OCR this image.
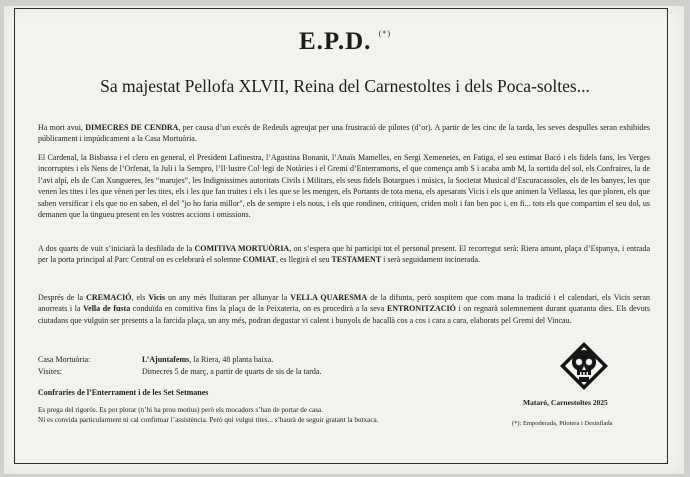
E.P.D. (*)
Sa majestat Pellofa XLVII, Reina del Carnestoltes i dels Poca-soltes...

Ha mort avui, DIMECRES DE CENDRA, per causa d’un excés de Redeuls agreujat per una frustració de pilotes (d’or). A partir de les cinc de la tarda, les seves despulles seran exhibides públicament i impúdicament a la Casa Mortuòria.

El Cardenal, la Bisbassa i el clero en general, el President Lafinestra, l’Agustina Bonanit, l’Anaïs Mamelles, en Sergi Xemeneies, en Fatiga, el seu estimat Bacó i els fidels fans, les Verges incorruptes i els Nens de l’Orfenat, la Juli i la Sempro, l’Il·lustre Col·legi de Notàries i el Gremi d’Enterramorts, el que comença amb S i acaba amb M, la sortida del sol, els Confraires, la de l’avi alpí, els de Can Xungueres, les “marujes”, les Indignissimes autoritats Civils i Militars, els seus fidels Botargues i músics, la Societat Musical d’Escuracassoles, els de les banyes, les que venen les tites i les que vènen per les tites, els i les que fan truites i els i les que se les mengen, els Portants de tota mena, els apesarats Vicis i els que animen la Vellassa, les que ploren, els que saben versificar i els que no en saben, el del "jo ho faria millor", els de sempre i els nous, i els que rondinen, critiquen, criden molt i fan ben poc i, en fi... tots els que compartim el seu dol, us demanen que la tingueu present en les vostres accions i omissions.

A dos quarts de vuit s’iniciarà la desfilada de la COMITIVA MORTUÒRIA, on s’espera que hi participi tot el personal present. El recorregut serà: Riera amunt, plaça d’Espanya, i entrada per la porta principal al Parc Central on es celebrarà el solemne COMIAT, es llegirà el seu TESTAMENT i serà seguidament incinerada.

Després de la CREMACIÓ, els Vicis un any més lluitaran per allunyar la VELLA QUARESMA de la difunta, però sospitem que com mana la tradició i el calendari, els Vicis seran anorreats i la Vella de fusta conduïda en comitiva fins la plaça de la Peixateria, on es procedirà a la seva ENTRONITZACIÓ i on regnarà solemnement durant quaranta dies. Els devots ciutadans que vulguin ser presents a la farcida plaça, un any més, podran degustar vi calent i bunyols de bacallà cos a cos i cara a cara, elaborats pel Gremi del Vincau.

Casa Mortuòria:	L’Ajuntafems, la Riera, 48 planta baixa.
Visites:	Dimecres 5 de març, a partir de quarts de sis de la tarda.
Confraries de l’Enterrament i de les Set Setmanes
Es prega del rigorós. Es pot plorar (n’hi ha prou motius) però els mocadors s’han de portar de casa.
Ni es convida particularment ni cal confirmar l’assistència. Però qui vulgui tites... s’haurà de seguir gratant la butxaca.
Mataró, Carnestoltes 2025
(*): Empoderada, Pilotera i Desinflada
